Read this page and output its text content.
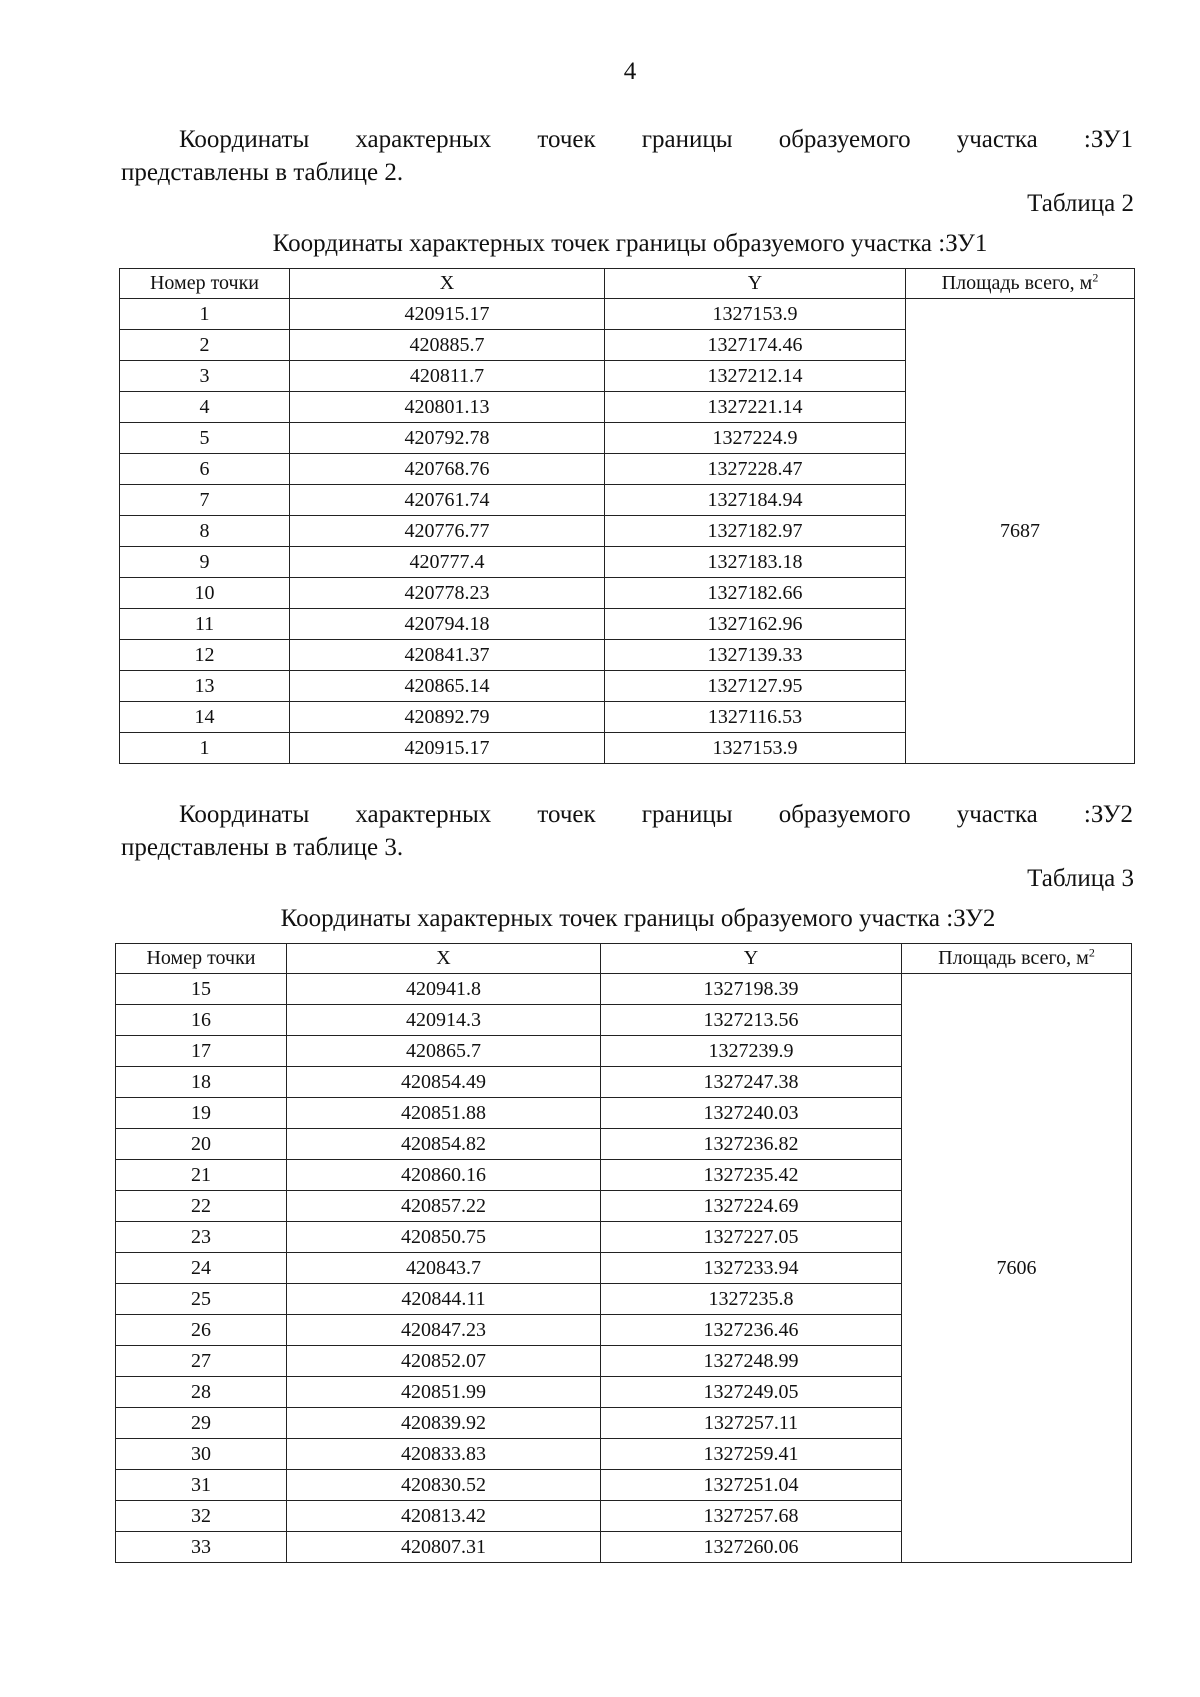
4
Координаты характерных точек границы образуемого участка :ЗУ1
представлены в таблице 2.
Таблица 2
Координаты характерных точек границы образуемого участка :ЗУ1
Номер точки	X	Y	Площадь всего, $м^2$
1	420915.17	1327153.9	7687
2	420885.7	1327174.46	
3	420811.7	1327212.14	
4	420801.13	1327221.14	
5	420792.78	1327224.9	
6	420768.76	1327228.47	
7	420761.74	1327184.94	
8	420776.77	1327182.97	
9	420777.4	1327183.18	
10	420778.23	1327182.66	
11	420794.18	1327162.96	
12	420841.37	1327139.33	
13	420865.14	1327127.95	
14	420892.79	1327116.53	
1	420915.17	1327153.9	
Координаты характерных точек границы образуемого участка :ЗУ2
представлены в таблице 3.
Таблица 3
Координаты характерных точек границы образуемого участка :ЗУ2
Номер точки	X	Y	Площадь всего, $м^2$
15	420941.8	1327198.39	7606
16	420914.3	1327213.56	
17	420865.7	1327239.9	
18	420854.49	1327247.38	
19	420851.88	1327240.03	
20	420854.82	1327236.82	
21	420860.16	1327235.42	
22	420857.22	1327224.69	
23	420850.75	1327227.05	
24	420843.7	1327233.94	
25	420844.11	1327235.8	
26	420847.23	1327236.46	
27	420852.07	1327248.99	
28	420851.99	1327249.05	
29	420839.92	1327257.11	
30	420833.83	1327259.41	
31	420830.52	1327251.04	
32	420813.42	1327257.68	
33	420807.31	1327260.06	
